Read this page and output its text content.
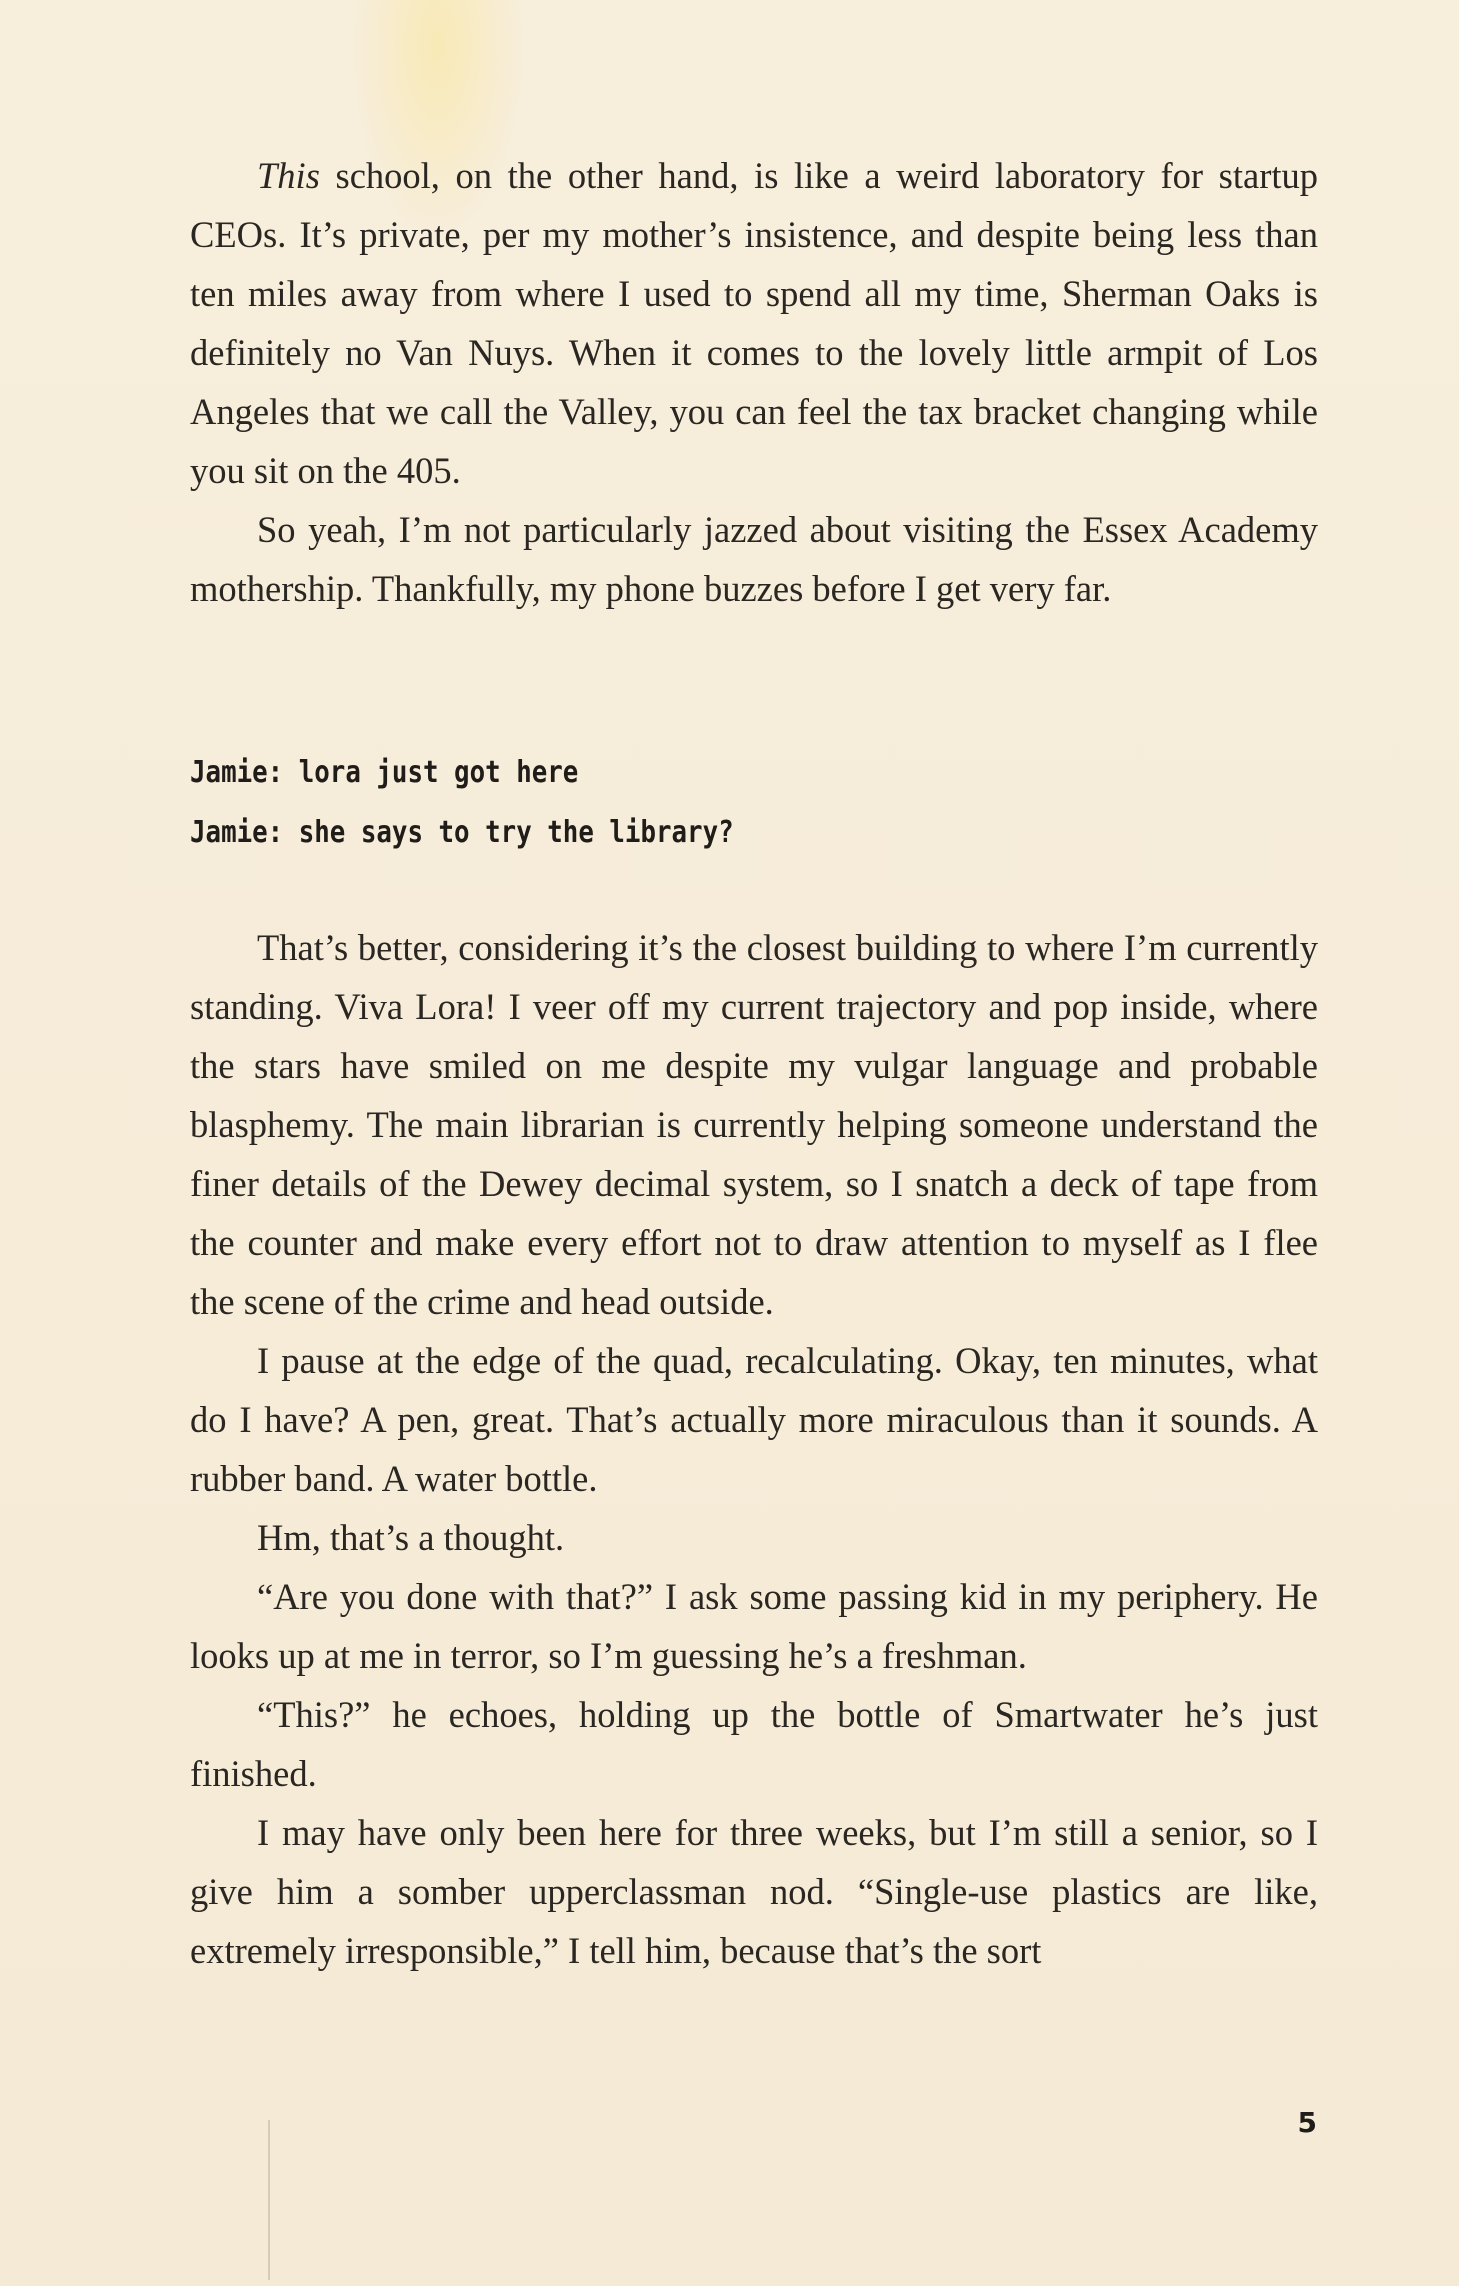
This school, on the other hand, is like a weird laboratory for startup CEOs. It’s private, per my mother’s insistence, and despite being less than ten miles away from where I used to spend all my time, Sherman Oaks is definitely no Van Nuys. When it comes to the lovely little armpit of Los Angeles that we call the Valley, you can feel the tax bracket changing while you sit on the 405.

So yeah, I’m not particularly jazzed about visiting the Essex Academy mothership. Thankfully, my phone buzzes before I get very far.

Jamie: lora just got here
Jamie: she says to try the library?

That’s better, considering it’s the closest building to where I’m currently standing. Viva Lora! I veer off my current trajectory and pop inside, where the stars have smiled on me despite my vulgar language and probable blasphemy. The main librarian is currently helping someone understand the finer details of the Dewey decimal system, so I snatch a deck of tape from the counter and make every effort not to draw attention to myself as I flee the scene of the crime and head outside.

I pause at the edge of the quad, recalculating. Okay, ten minutes, what do I have? A pen, great. That’s actually more miraculous than it sounds. A rubber band. A water bottle.

Hm, that’s a thought.

“Are you done with that?” I ask some passing kid in my periphery. He looks up at me in terror, so I’m guessing he’s a freshman.

“This?” he echoes, holding up the bottle of Smartwater he’s just finished.

I may have only been here for three weeks, but I’m still a senior, so I give him a somber upperclassman nod. “Single-use plastics are like, extremely irresponsible,” I tell him, because that’s the sort

5
